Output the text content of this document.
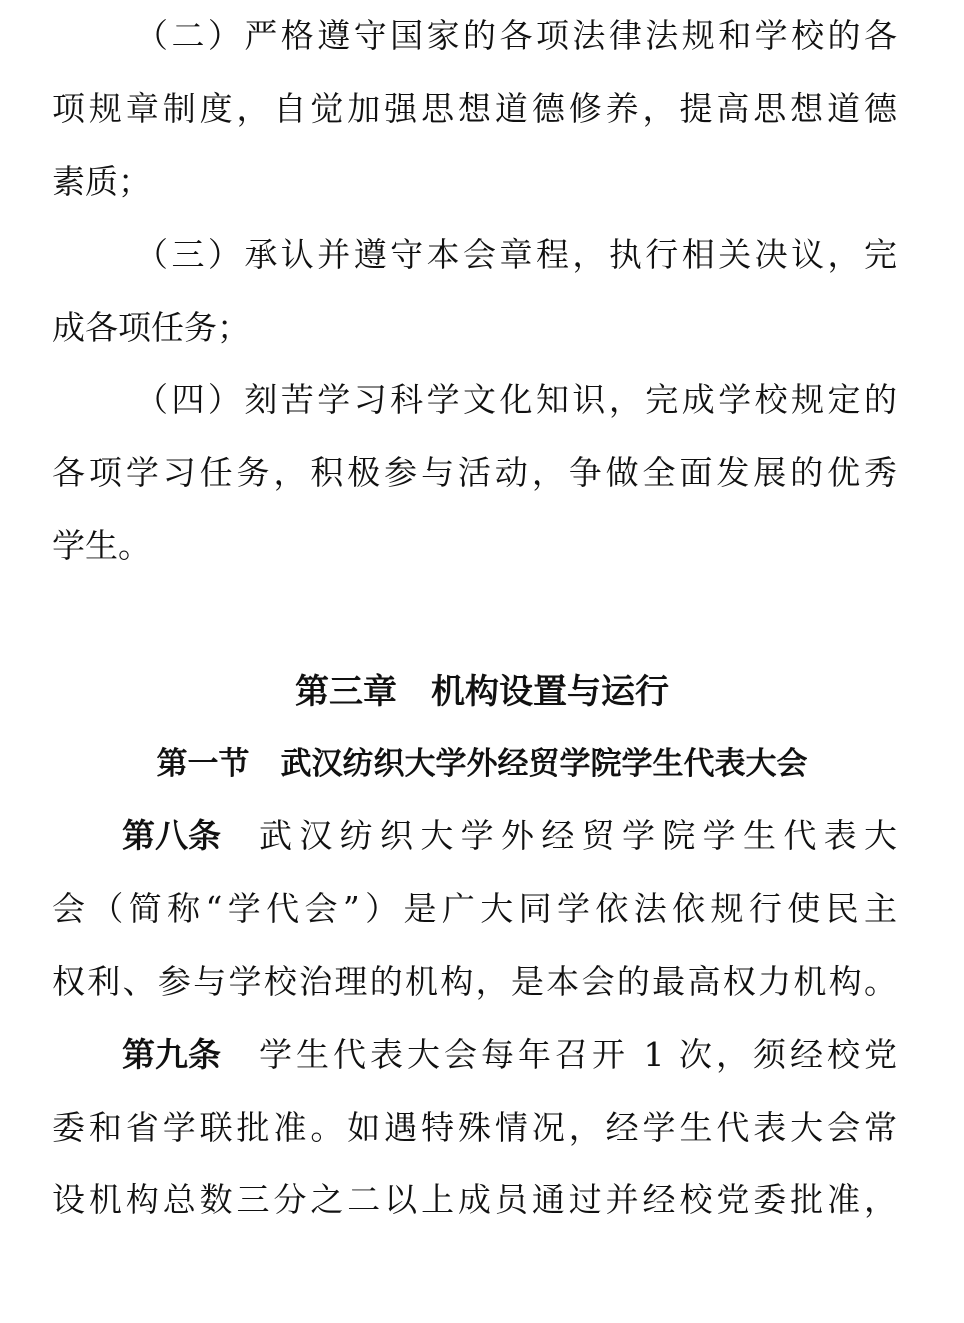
（二）严格遵守国家的各项法律法规和学校的各
项规章制度，自觉加强思想道德修养，提高思想道德
素质；
（三）承认并遵守本会章程，执行相关决议，完
成各项任务；
（四）刻苦学习科学文化知识，完成学校规定的
各项学习任务，积极参与活动，争做全面发展的优秀
学生。
第三章　机构设置与运行
第一节　武汉纺织大学外经贸学院学生代表大会
第八条 武汉纺织大学外经贸学院学生代表大
会（简称“学代会”）是广大同学依法依规行使民主
权利、参与学校治理的机构，是本会的最高权力机构。
第九条 学生代表大会每年召开 1 次，须经校党
委和省学联批准。如遇特殊情况，经学生代表大会常
设机构总数三分之二以上成员通过并经校党委批准，
